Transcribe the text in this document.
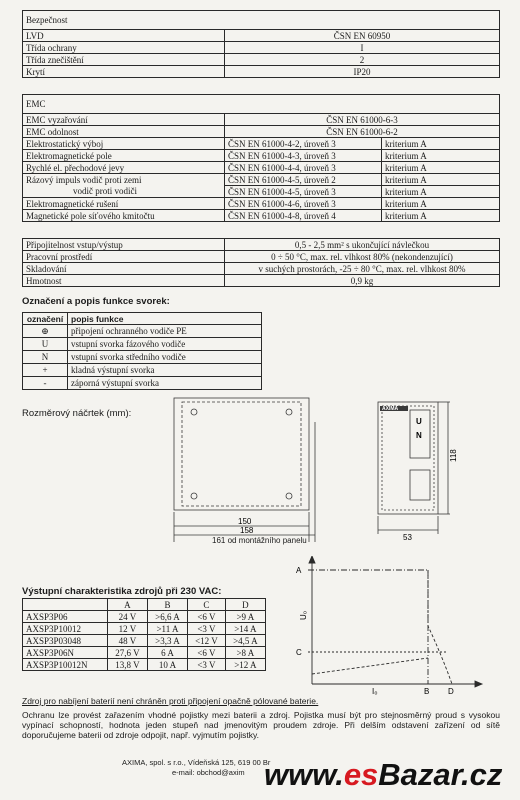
Bezpečnost	
LVD	ČSN EN 60950
Třída ochrany	I
Třída znečištění	2
Krytí	IP20
EMC		
EMC vyzařování	ČSN EN 61000-6-3	
EMC odolnost	ČSN EN 61000-6-2	
Elektrostatický výboj	ČSN EN 61000-4-2, úroveň 3	kriterium A
Elektromagnetické pole	ČSN EN 61000-4-3, úroveň 3	kriterium A
Rychlé el. přechodové jevy	ČSN EN 61000-4-4, úroveň 3	kriterium A
Rázový impuls vodič proti zemi	ČSN EN 61000-4-5, úroveň 2	kriterium A
vodič proti vodiči	ČSN EN 61000-4-5, úroveň 3	kriterium A
Elektromagnetické rušení	ČSN EN 61000-4-6, úroveň 3	kriterium A
Magnetické pole síťového kmitočtu	ČSN EN 61000-4-8, úroveň 4	kriterium A
Připojitelnost vstup/výstup	0,5 - 2,5 mm² s ukončující návlečkou
Pracovní prostředí	0 ÷ 50 °C, max. rel. vlhkost 80% (nekondenzující)
Skladování	v suchých prostorách, -25 ÷ 80 °C, max. rel. vlhkost 80%
Hmotnost	0,9 kg
Označení a popis funkce svorek:
označení	popis funkce
⊕	připojení ochranného vodiče PE
U	vstupní svorka fázového vodiče
N	vstupní svorka středního vodiče
+	kladná výstupní svorka
-	záporná výstupní svorka
Rozměrový náčrtek (mm):	AXIMA
U
N
150
158
118
53
161 od montážního panelu
Výstupní charakteristika zdrojů při 230 VAC:
	A	B	C	D
AXSP3P06	24 V	>6,6 A	<6 V	>9 A
AXSP3P10012	12 V	>11 A	<3 V	>14 A
AXSP3P03048	48 V	>3,3 A	<12 V	>4,5 A
AXSP3P06N	27,6 V	6 A	<6 V	>8 A
AXSP3P10012N	13,8 V	10 A	<3 V	>12 A
A
C
B D
I₀
U₀
Zdroj pro nabíjení baterií není chráněn proti připojení opačně pólované baterie.
Ochranu lze provést zařazením vhodné pojistky mezi baterii a zdroj. Pojistka musí být pro stejnosměrný proud s vysokou vypínací schopností, hodnota jeden stupeň nad jmenovitým proudem zdroje. Při delším odstavení zařízení od sítě doporučujeme baterii od zdroje odpojit, např. vyjmutím pojistky.
AXIMA, spol. s r.o., Vídeňská 125, 619 00 Br
e-mail: obchod@axim www.esBazar.cz
